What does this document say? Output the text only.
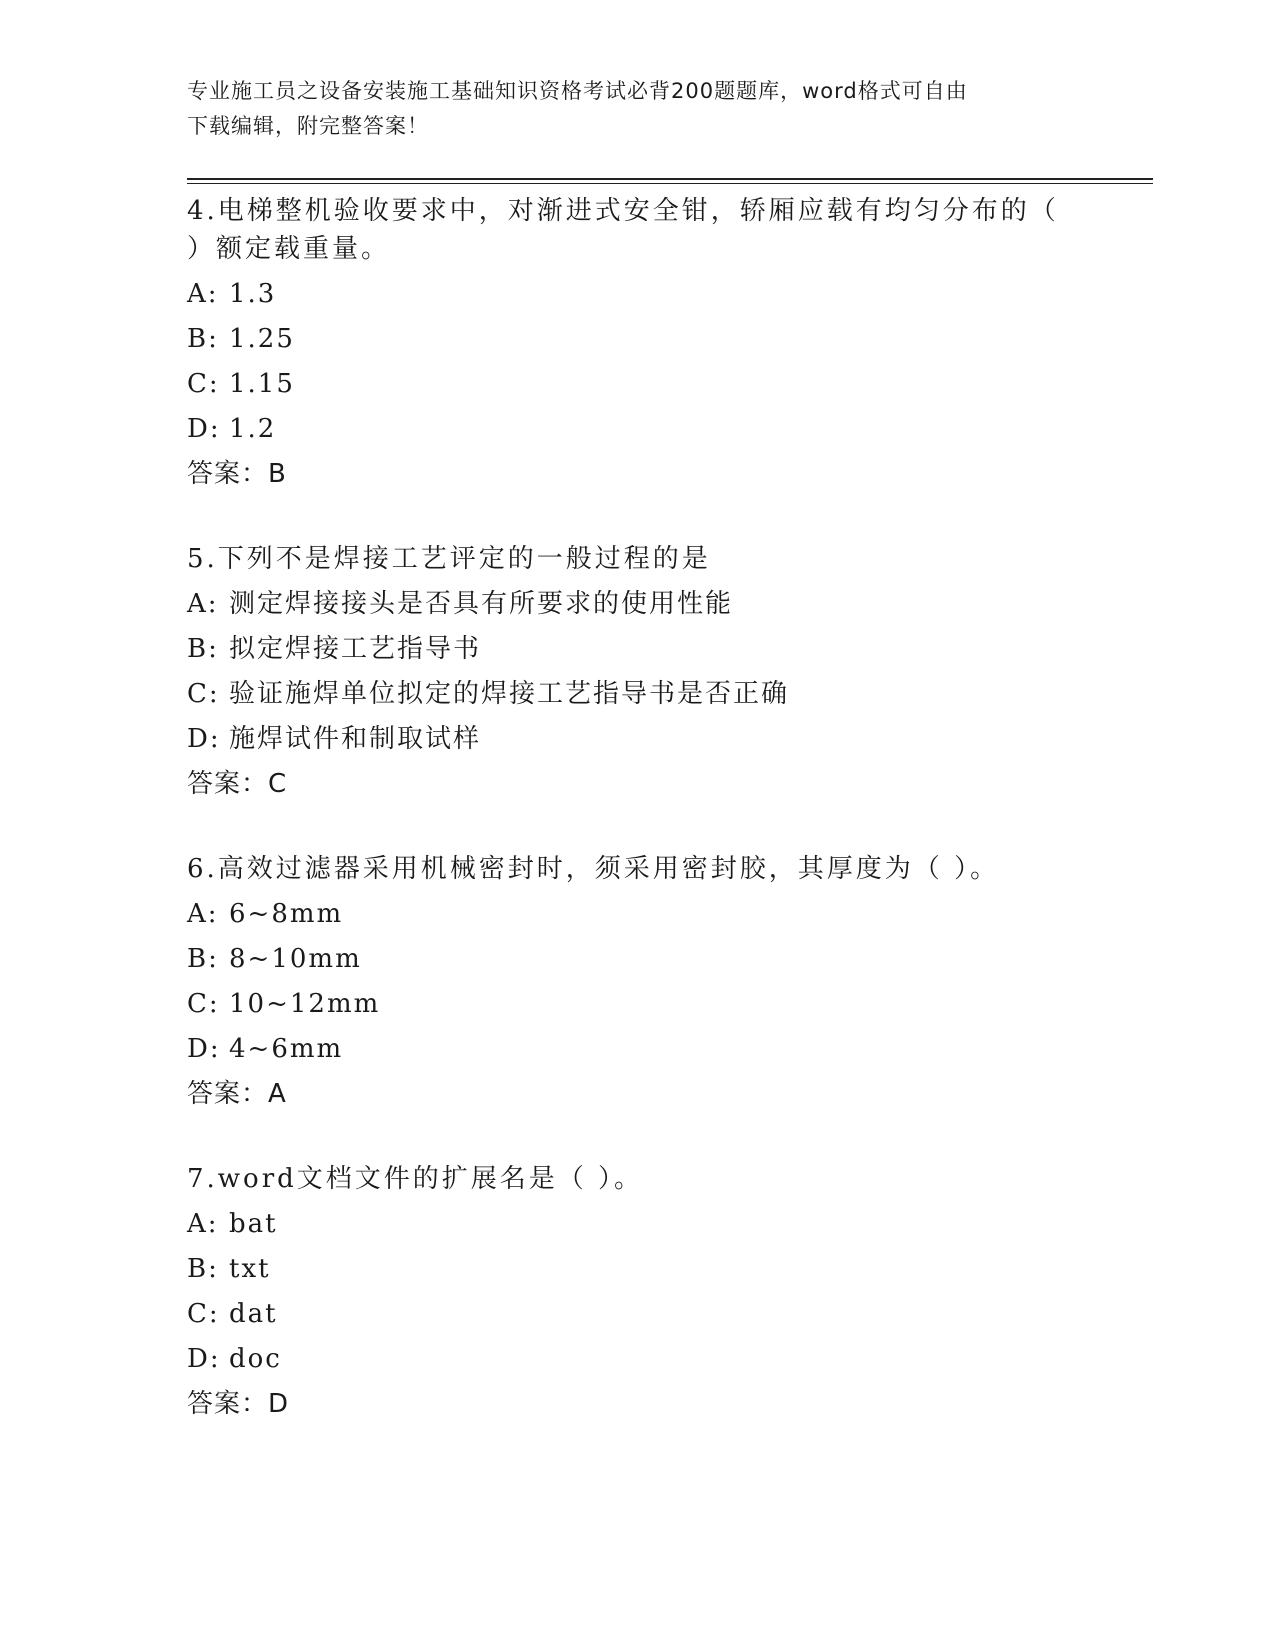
专业施工员之设备安装施工基础知识资格考试必背200题题库，word格式可自由
下载编辑，附完整答案！

4.电梯整机验收要求中，对渐进式安全钳，轿厢应载有均匀分布的（ ）额定载重量。

A: 1.3
B: 1.25
C: 1.15
D: 1.2
答案：B

5.下列不是焊接工艺评定的一般过程的是

A: 测定焊接接头是否具有所要求的使用性能
B: 拟定焊接工艺指导书
C: 验证施焊单位拟定的焊接工艺指导书是否正确
D: 施焊试件和制取试样
答案：C

6.高效过滤器采用机械密封时，须采用密封胶，其厚度为（ ）。

A: 6~8mm
B: 8~10mm
C: 10~12mm
D: 4~6mm
答案：A

7.word文档文件的扩展名是（ ）。

A: bat
B: txt
C: dat
D: doc
答案：D
